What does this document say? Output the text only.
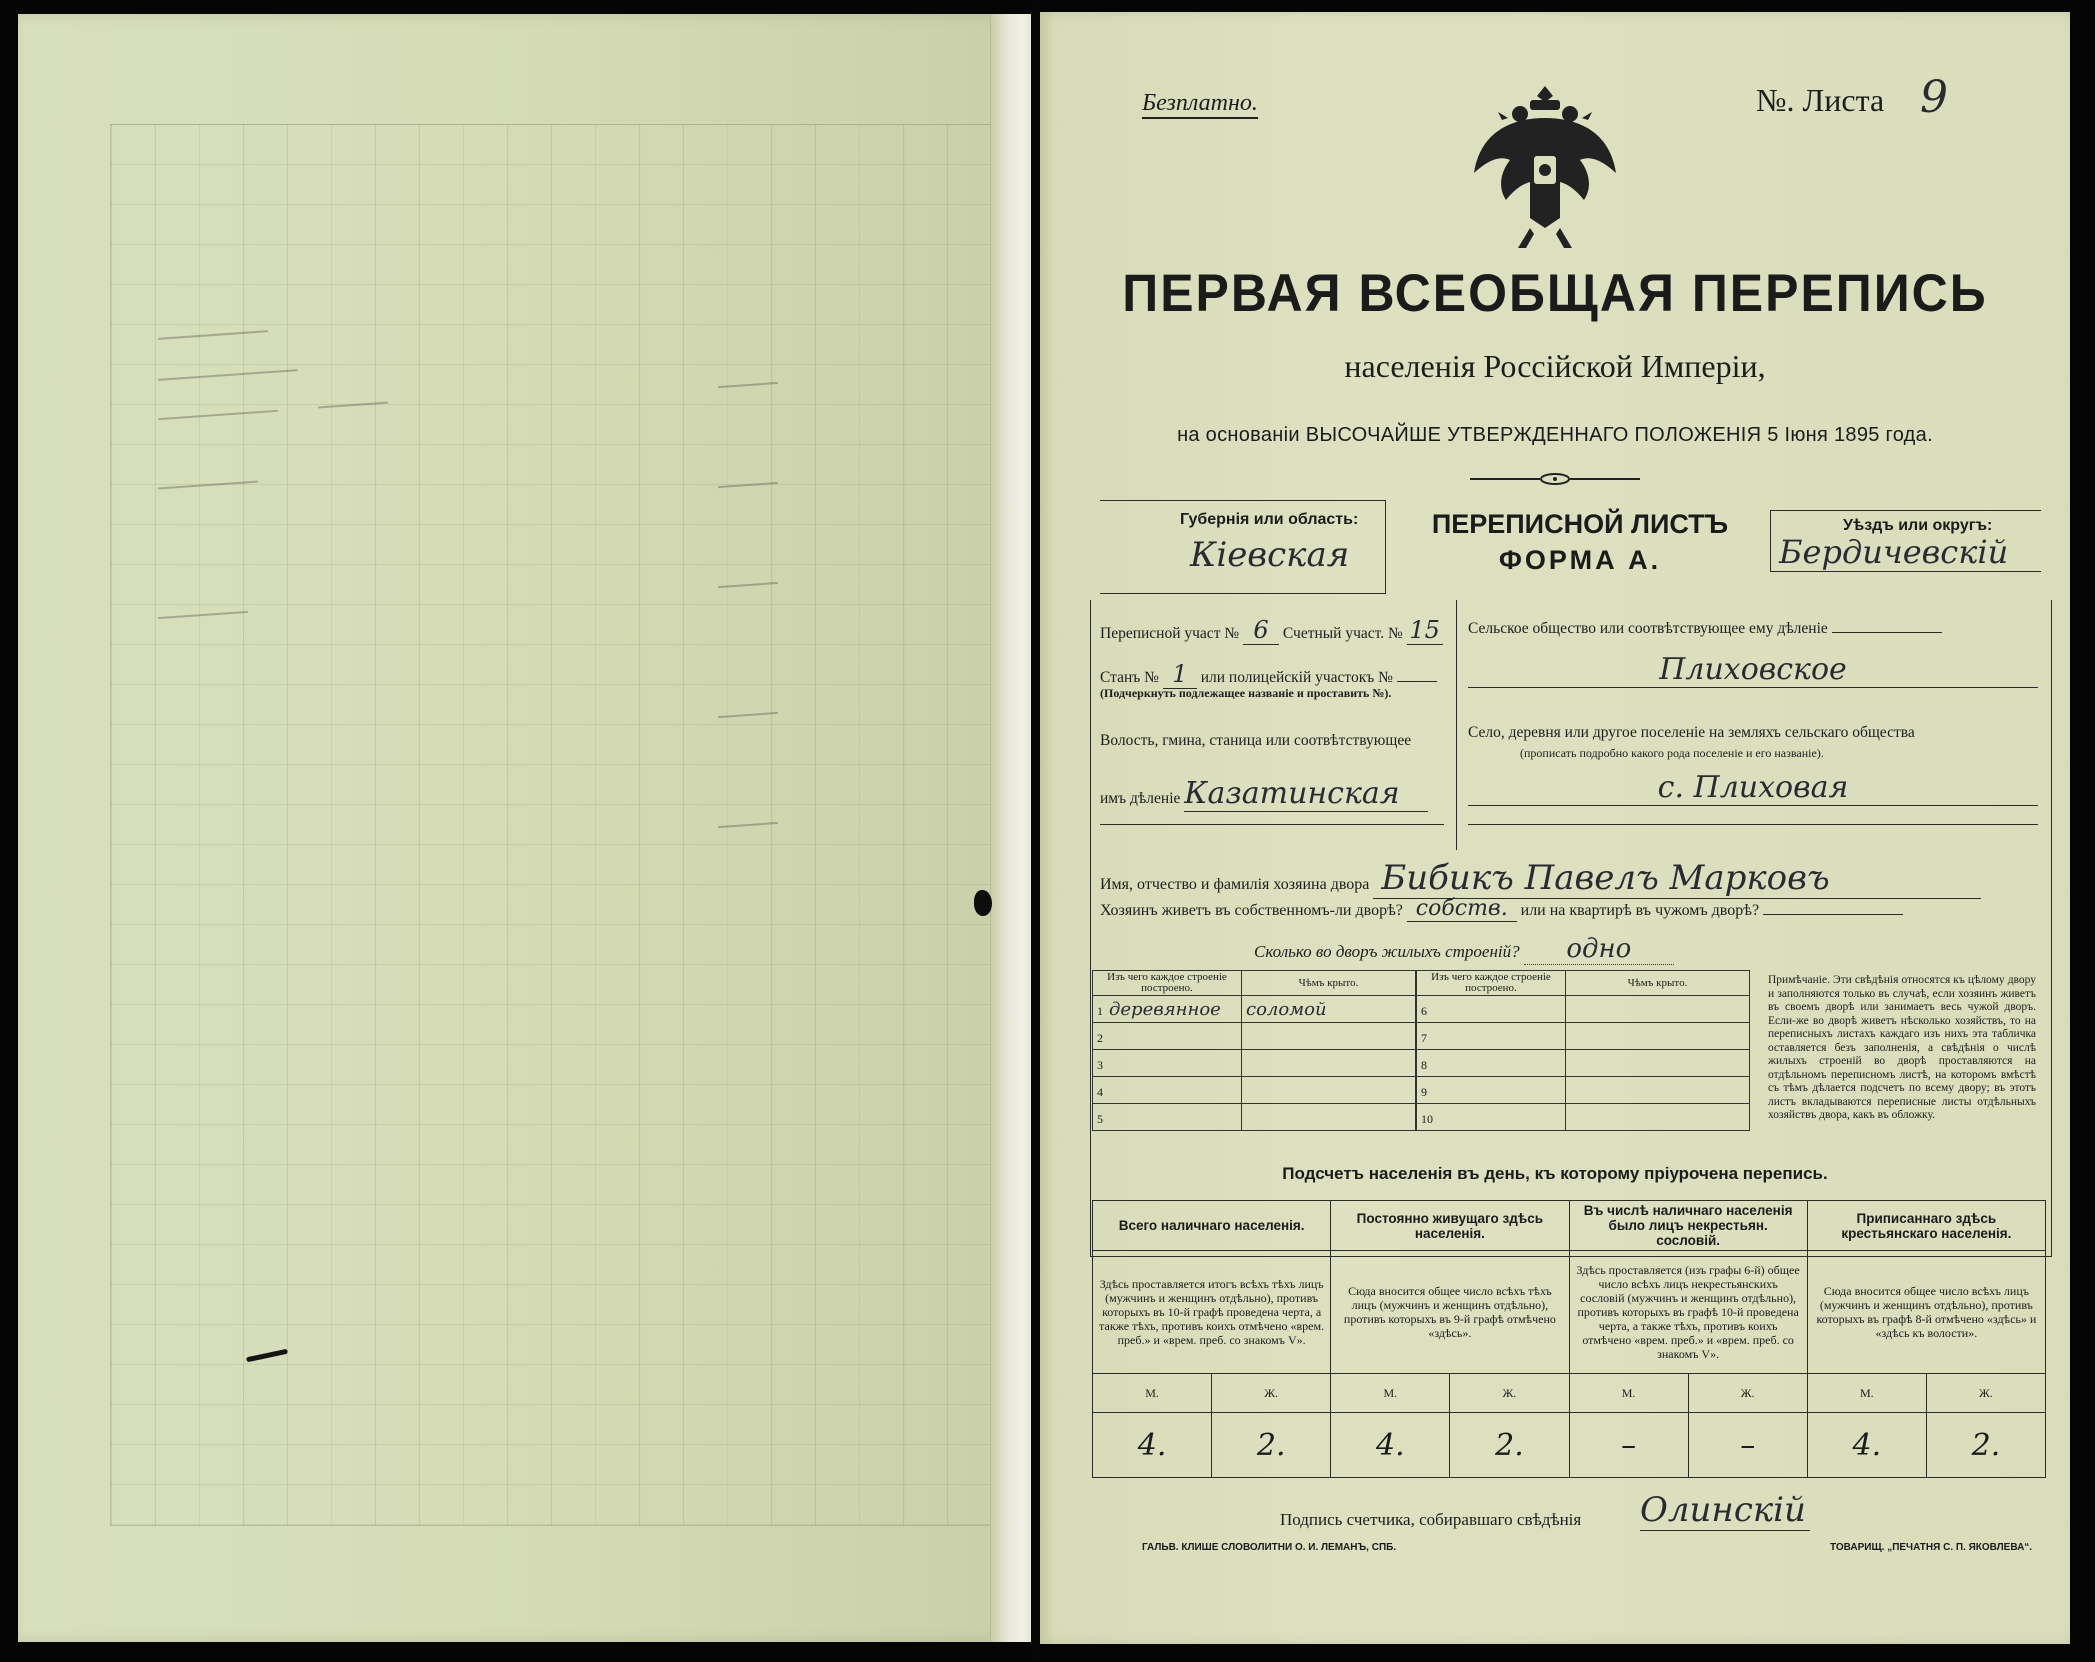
Безплатно.	№. Листа 9
ПЕРВАЯ ВСЕОБЩАЯ ПЕРЕПИСЬ
населенія Россійской Имперіи,
на основаніи ВЫСОЧАЙШЕ УТВЕРЖДЕННАГО ПОЛОЖЕНІЯ 5 Іюня 1895 года.
Губернія или область:
Кіевская
ПЕРЕПИСНОЙ ЛИСТЪ
ФОРМА А.
Уѣздъ или округъ:
Бердичевскій
Переписной участ № 6 Счетный участ. № 15
Станъ № 1 или полицейскій участокъ №
(Подчеркнуть подлежащее названіе и проставить №).
Волость, гмина, станица или соотвѣтствующее
имъ дѣленіе Казатинская
Сельское общество или соотвѣтствующее ему дѣленіе
Плиховское
Село, деревня или другое поселеніе на земляхъ сельскаго общества
(прописать подробно какого рода поселеніе и его названіе).
с. Плиховая
Имя, отчество и фамилія хозяина двора Бибикъ Павелъ Марковъ
Хозяинъ живетъ въ собственномъ-ли дворѣ? собств. или на квартирѣ въ чужомъ дворѣ?
Сколько во дворъ жилыхъ строеній? одно
Изъ чего каждое строеніе построено.	Чѣмъ крыто.
1 деревянное	соломой
2	
3	
4	
5	
Изъ чего каждое строеніе построено.	Чѣмъ крыто.
6	
7	
8	
9	
10	
Примѣчаніе. Эти свѣдѣнія относятся къ цѣлому двору и заполняются только въ случаѣ, если хозяинъ живетъ въ своемъ дворѣ или занимаетъ весь чужой дворъ. Если-же во дворѣ живетъ нѣсколько хозяйствъ, то на переписныхъ листахъ каждаго изъ нихъ эта табличка оставляется безъ заполненія, а свѣдѣнія о числѣ жилыхъ строеній во дворѣ проставляются на отдѣльномъ переписномъ листѣ, на которомъ вмѣстѣ съ тѣмъ дѣлается подсчетъ по всему двору; въ этотъ листъ вкладываются переписные листы отдѣльныхъ хозяйствъ двора, какъ въ обложку.
Подсчетъ населенія въ день, къ которому пріурочена перепись.
Всего наличнаго населенія.		Постоянно живущаго здѣсь населенія.		Въ числѣ наличнаго населенія было лицъ некрестьян. сословій.		Приписаннаго здѣсь крестьянскаго населенія.	
Здѣсь проставляется итогъ всѣхъ тѣхъ лицъ (мужчинъ и женщинъ отдѣльно), противъ которыхъ въ 10-й графѣ проведена черта, а также тѣхъ, противъ коихъ отмѣчено «врем. преб.» и «врем. преб. со знакомъ V».		Сюда вносится общее число всѣхъ тѣхъ лицъ (мужчинъ и женщинъ отдѣльно), противъ которыхъ въ 9-й графѣ отмѣчено «здѣсь».		Здѣсь проставляется (изъ графы 6-й) общее число всѣхъ лицъ некрестьянскихъ сословій (мужчинъ и женщинъ отдѣльно), противъ которыхъ въ графѣ 10-й проведена черта, а также тѣхъ, противъ коихъ отмѣчено «врем. преб.» и «врем. преб. со знакомъ V».		Сюда вносится общее число всѣхъ лицъ (мужчинъ и женщинъ отдѣльно), противъ которыхъ въ графѣ 8-й отмѣчено «здѣсь» и «здѣсь къ волости».	
М.	Ж.	М.	Ж.	М.	Ж.	М.	Ж.
4.	2.	4.	2.	–	–	4.	2.
Подпись счетчика, собиравшаго свѣдѣнія Олинскій
ГАЛЬВ. КЛИШЕ СЛОВОЛИТНИ О. И. ЛЕМАНЪ, СПБ.	ТОВАРИЩ. „ПЕЧАТНЯ С. П. ЯКОВЛЕВА“.
